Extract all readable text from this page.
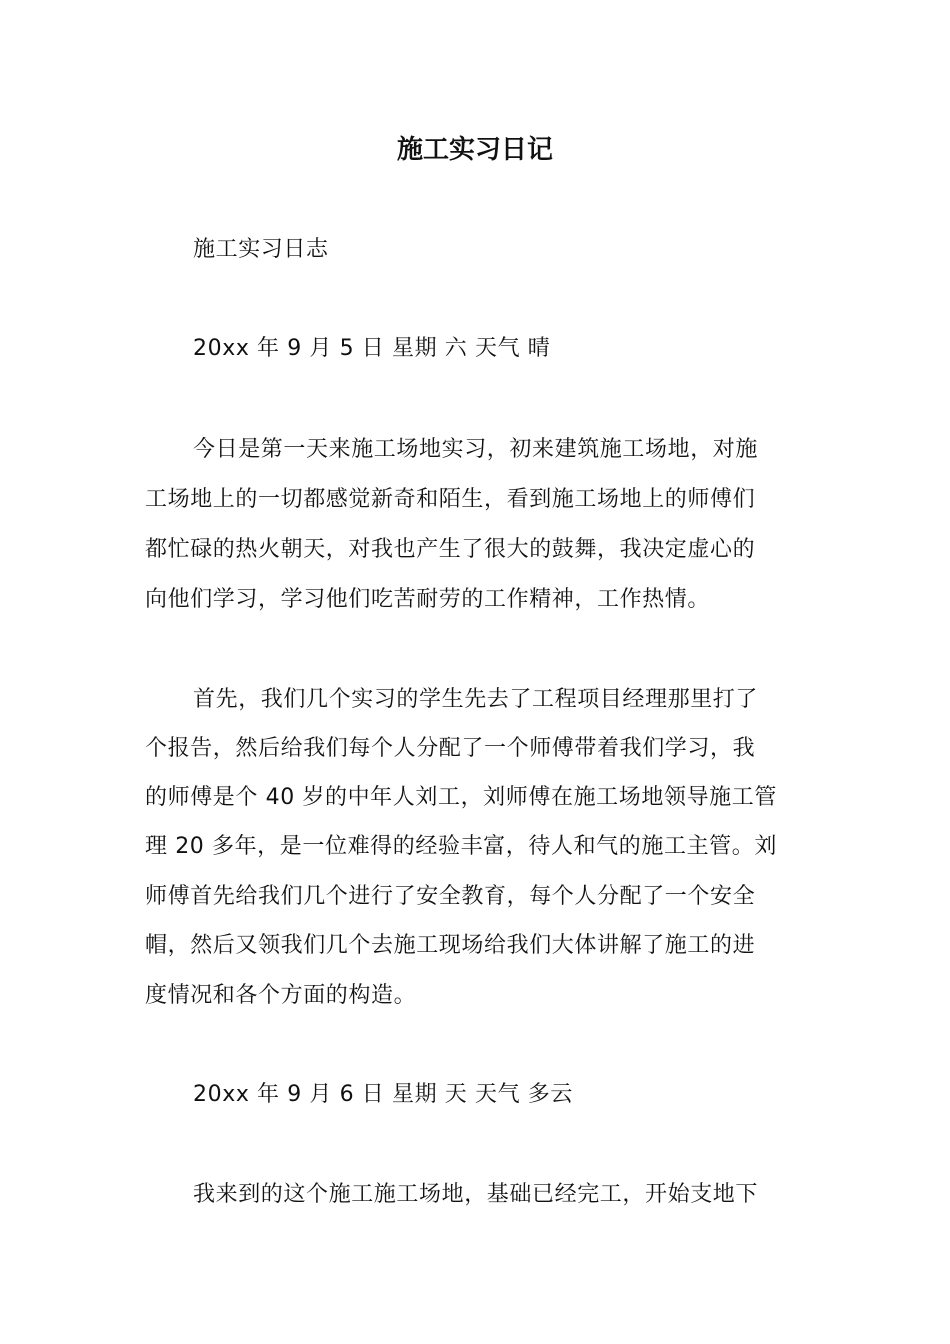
施工实习日记
施工实习日志
20xx 年 9 月 5 日 星期 六 天气 晴
今日是第一天来施工场地实习，初来建筑施工场地，对施
工场地上的一切都感觉新奇和陌生，看到施工场地上的师傅们
都忙碌的热火朝天，对我也产生了很大的鼓舞，我决定虚心的
向他们学习，学习他们吃苦耐劳的工作精神，工作热情。
首先，我们几个实习的学生先去了工程项目经理那里打了
个报告，然后给我们每个人分配了一个师傅带着我们学习，我
的师傅是个 40 岁的中年人刘工，刘师傅在施工场地领导施工管
理 20 多年，是一位难得的经验丰富，待人和气的施工主管。刘
师傅首先给我们几个进行了安全教育，每个人分配了一个安全
帽，然后又领我们几个去施工现场给我们大体讲解了施工的进
度情况和各个方面的构造。
20xx 年 9 月 6 日 星期 天 天气 多云
我来到的这个施工施工场地，基础已经完工，开始支地下
